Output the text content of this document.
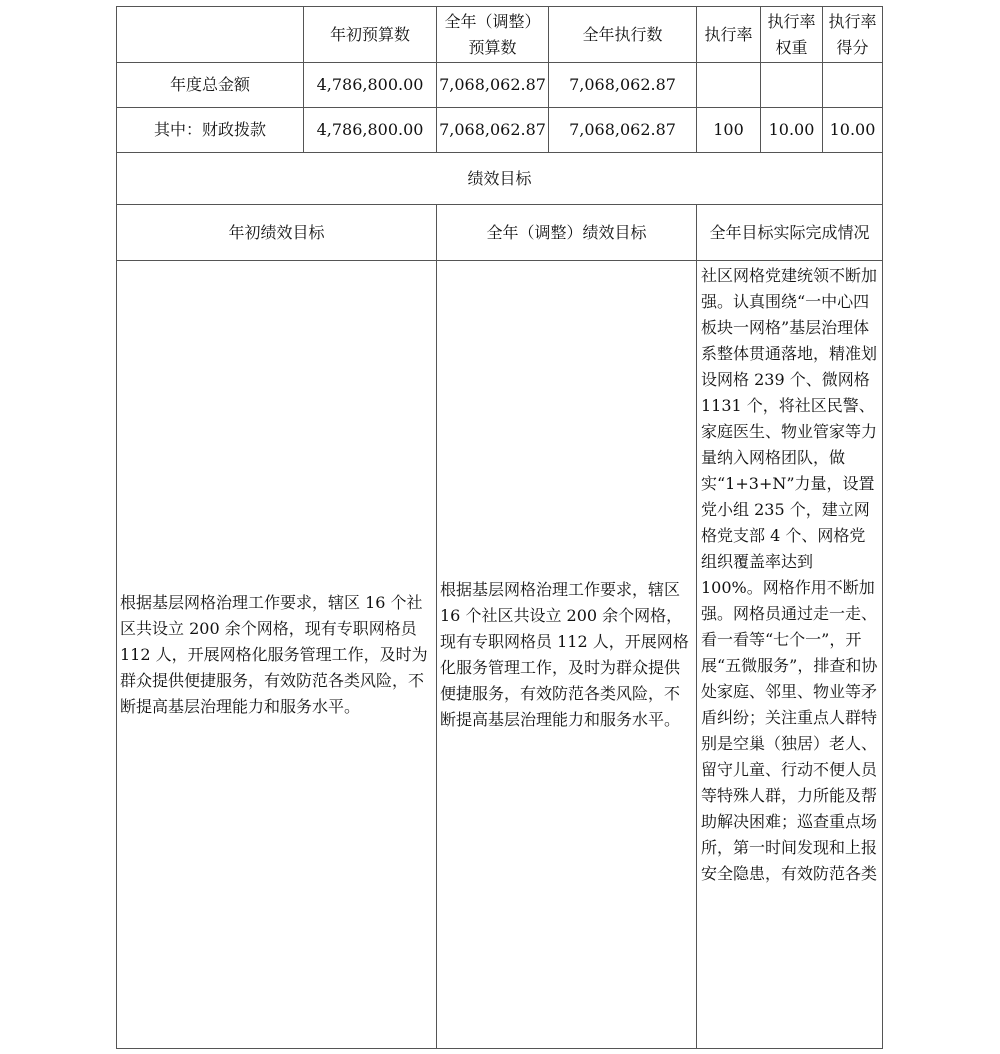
	年初预算数	全年（调整）预算数	全年执行数	执行率	执行率权重	执行率得分
年度总金额	4,786,800.00	7,068,062.87	7,068,062.87			
其中：财政拨款	4,786,800.00	7,068,062.87	7,068,062.87	100	10.00	10.00
绩效目标						
年初绩效目标		全年（调整）绩效目标		全年目标实际完成情况		
根据基层网格治理工作要求，辖区 16 个社区共设立 200 余个网格，现有专职网格员 112 人，开展网格化服务管理工作，及时为群众提供便捷服务，有效防范各类风险，不断提高基层治理能力和服务水平。		根据基层网格治理工作要求，辖区 16 个社区共设立 200 余个网格，现有专职网格员 112 人，开展网格化服务管理工作，及时为群众提供便捷服务，有效防范各类风险，不断提高基层治理能力和服务水平。		社区网格党建统领不断加强。认真围绕“一中心四板块一网格”基层治理体系整体贯通落地，精准划设网格 239 个、微网格 1131 个，将社区民警、家庭医生、物业管家等力量纳入网格团队，做实“1+3+N”力量，设置党小组 235 个，建立网格党支部 4 个、网格党组织覆盖率达到 100%。网格作用不断加强。网格员通过走一走、看一看等“七个一”，开展“五微服务”，排查和协处家庭、邻里、物业等矛盾纠纷；关注重点人群特别是空巢（独居）老人、留守儿童、行动不便人员等特殊人群，力所能及帮助解决困难；巡查重点场所，第一时间发现和上报安全隐患，有效防范各类		
